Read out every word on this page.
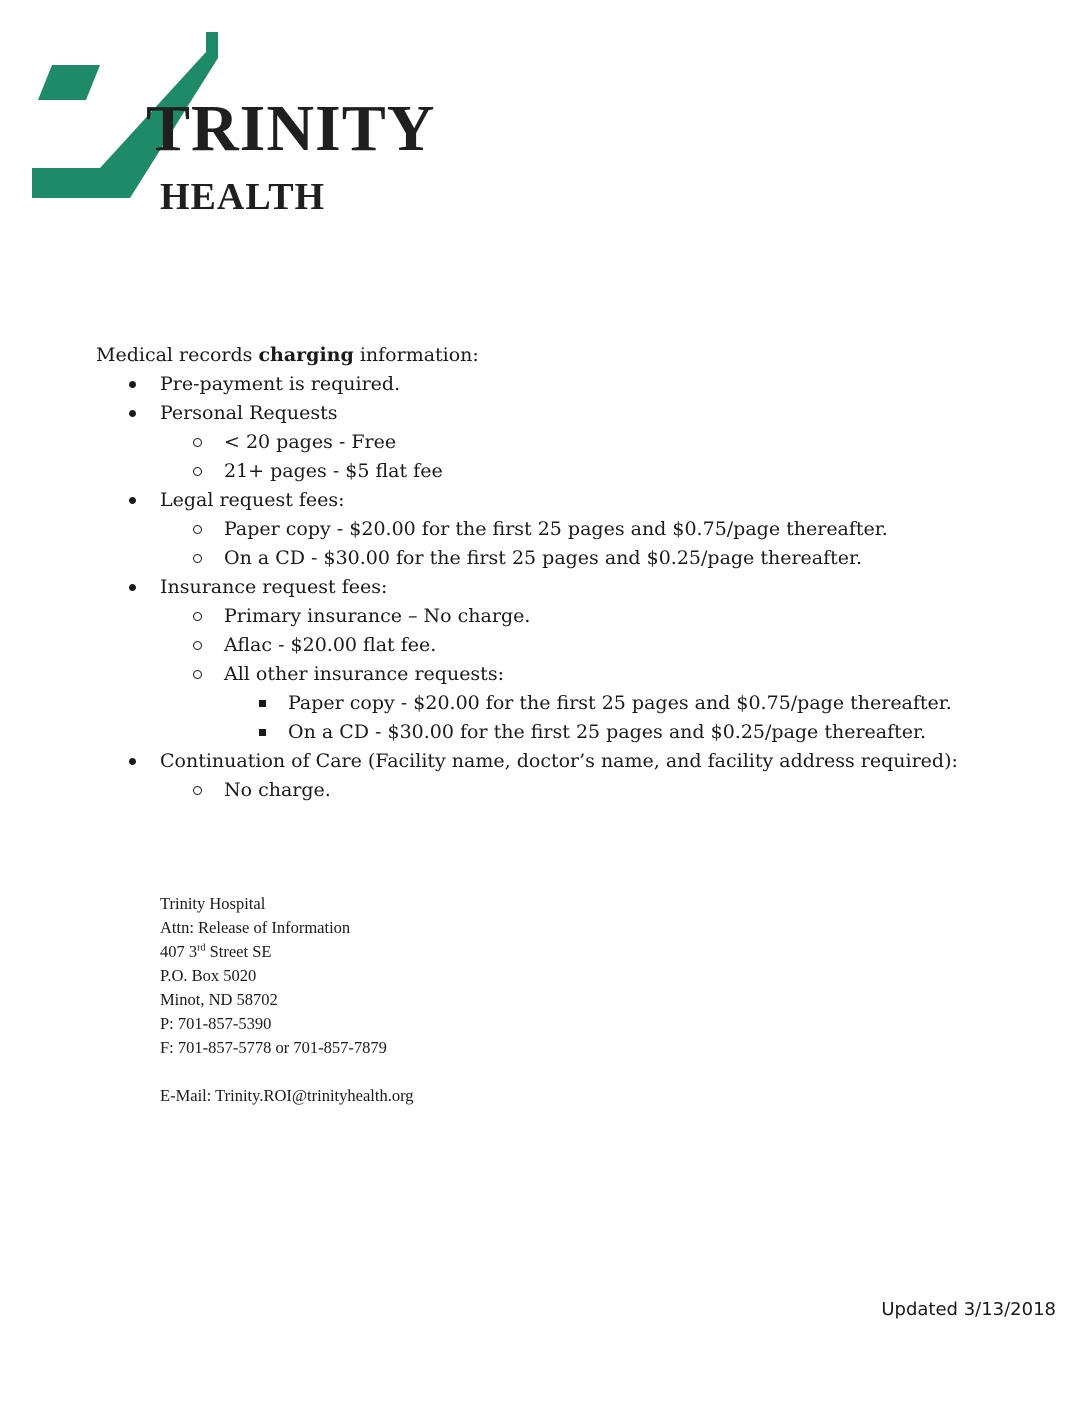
TRINITY
HEALTH

Medical records charging information:

Pre-payment is required.
Personal Requests
< 20 pages - Free
21+ pages - $5 flat fee
Legal request fees:
Paper copy - $20.00 for the first 25 pages and $0.75/page thereafter.
On a CD - $30.00 for the first 25 pages and $0.25/page thereafter.
Insurance request fees:
Primary insurance – No charge.
Aflac - $20.00 flat fee.
All other insurance requests:
Paper copy - $20.00 for the first 25 pages and $0.75/page thereafter.
On a CD - $30.00 for the first 25 pages and $0.25/page thereafter.
Continuation of Care (Facility name, doctor’s name, and facility address required):
No charge.
Trinity Hospital
Attn: Release of Information
407 3rd Street SE
P.O. Box 5020
Minot, ND 58702
P: 701-857-5390
F: 701-857-5778 or 701-857-7879
E-Mail: Trinity.ROI@trinityhealth.org
Updated 3/13/2018
